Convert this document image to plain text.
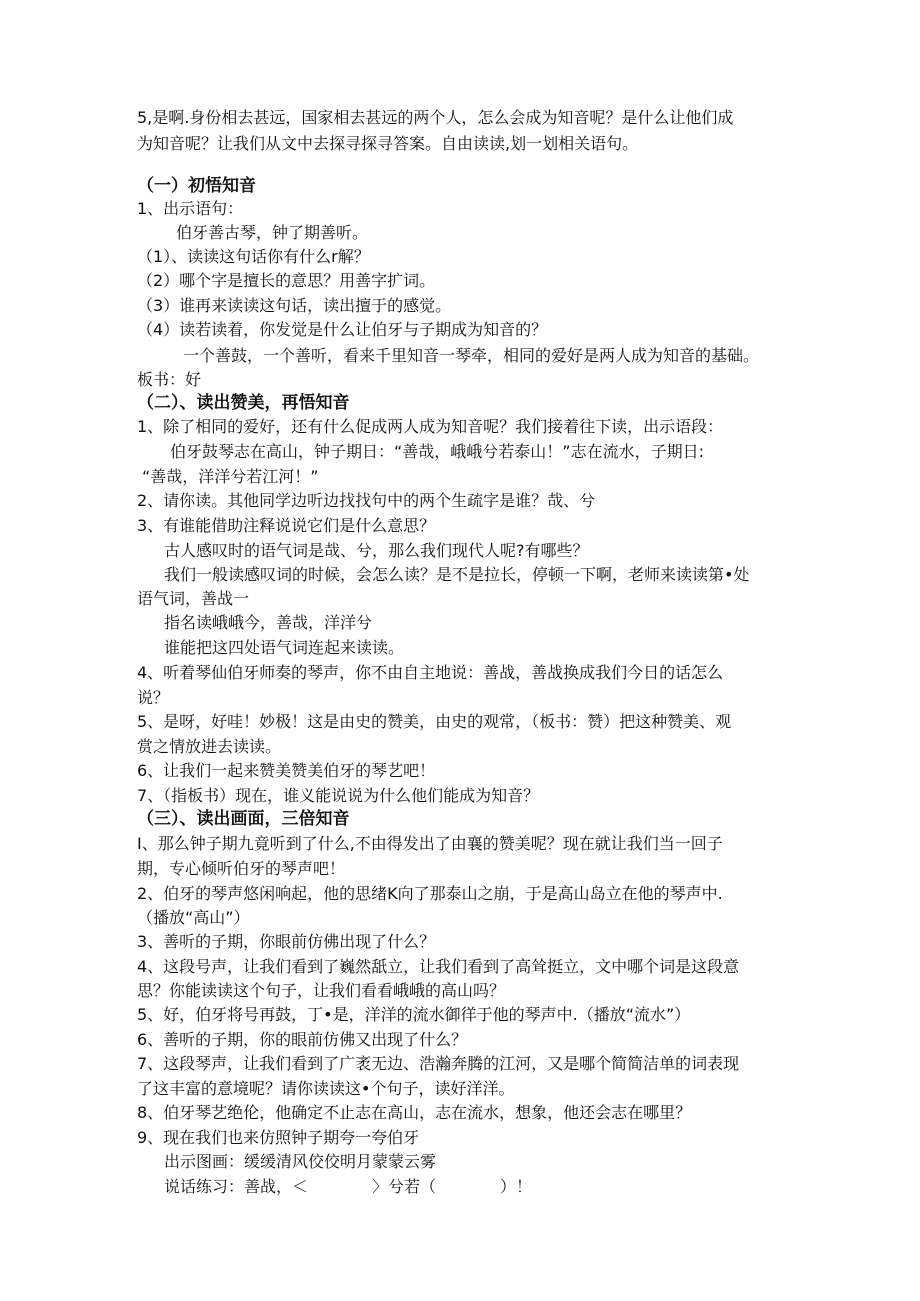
5,是啊.身份相去甚远，国家相去甚远的两个人，怎么会成为知音呢？是什么让他们成
为知音呢？让我们从文中去探寻探寻答案。自由读读,划一划相关语句。
（一）初悟知音
1、出示语句：
伯牙善古琴，钟了期善听。
（1）、读读这句话你有什么r解？
（2）哪个字是擅长的意思？用善字扩词。
（3）谁再来读读这句话，读出擅于的感觉。
（4）读若读着，你发觉是什么让伯牙与子期成为知音的？
一个善鼓，一个善听，看来千里知音一琴牵，相同的爱好是两人成为知音的基础。
板书：好
（二）、读出赞美，再悟知音
1、除了相同的爱好，还有什么促成两人成为知音呢？我们接着往下读，出示语段：
伯牙鼓琴志在高山，钟子期日：“善哉，峨峨兮若泰山！”志在流水，子期日:
“善哉，洋洋兮若江河！”
2、请你读。其他同学边听边找找句中的两个生疏字是谁？哉、兮
3、有谁能借助注释说说它们是什么意思？
古人感叹时的语气词是哉、兮，那么我们现代人呢?有哪些？
我们一般读感叹词的时候，会怎么读？是不是拉长，停顿一下啊，老师来读读第•处
语气词，善战一
指名读峨峨今，善哉，洋洋兮
谁能把这四处语气词连起来读读。
4、听着琴仙伯牙师奏的琴声，你不由自主地说：善战，善战换成我们今日的话怎么
说？
5、是呀，好哇！妙极！这是由史的赞美，由史的观常，（板书：赞）把这种赞美、观
赏之情放进去读读。
6、让我们一起来赞美赞美伯牙的琴艺吧！
7、（指板书）现在，谁义能说说为什么他们能成为知音？
（三）、读出画面，三倍知音
I、那么钟子期九竟听到了什么,不由得发出了由襄的赞美呢？现在就让我们当一回子
期，专心倾听伯牙的琴声吧！
2、伯牙的琴声悠闲响起，他的思绪K向了那泰山之崩，于是高山岛立在他的琴声中.
（播放“高山”）
3、善听的子期，你眼前仿佛出现了什么？
4、这段号声，让我们看到了巍然舐立，让我们看到了高耸挺立，文中哪个词是这段意
思？你能读读这个句子，让我们看看峨峨的高山吗？
5、好，伯牙将号再鼓，丁•是，洋洋的流水御徉于他的琴声中.（播放“流水”）
6、善听的子期，你的眼前仿佛又出现了什么？
7、这段琴声，让我们看到了广袤无边、浩瀚奔腾的江河，又是哪个简简洁单的词表现
了这丰富的意境呢？请你读读这•个句子，读好洋洋。
8、伯牙琴艺绝伦，他确定不止志在高山，志在流水，想象，他还会志在哪里？
9、现在我们也来仿照钟子期夸一夸伯牙
出示图画：缓缓清风佼佼明月蒙蒙云雾
说话练习：善战，＜　　　　〉兮若（　　　　）！
